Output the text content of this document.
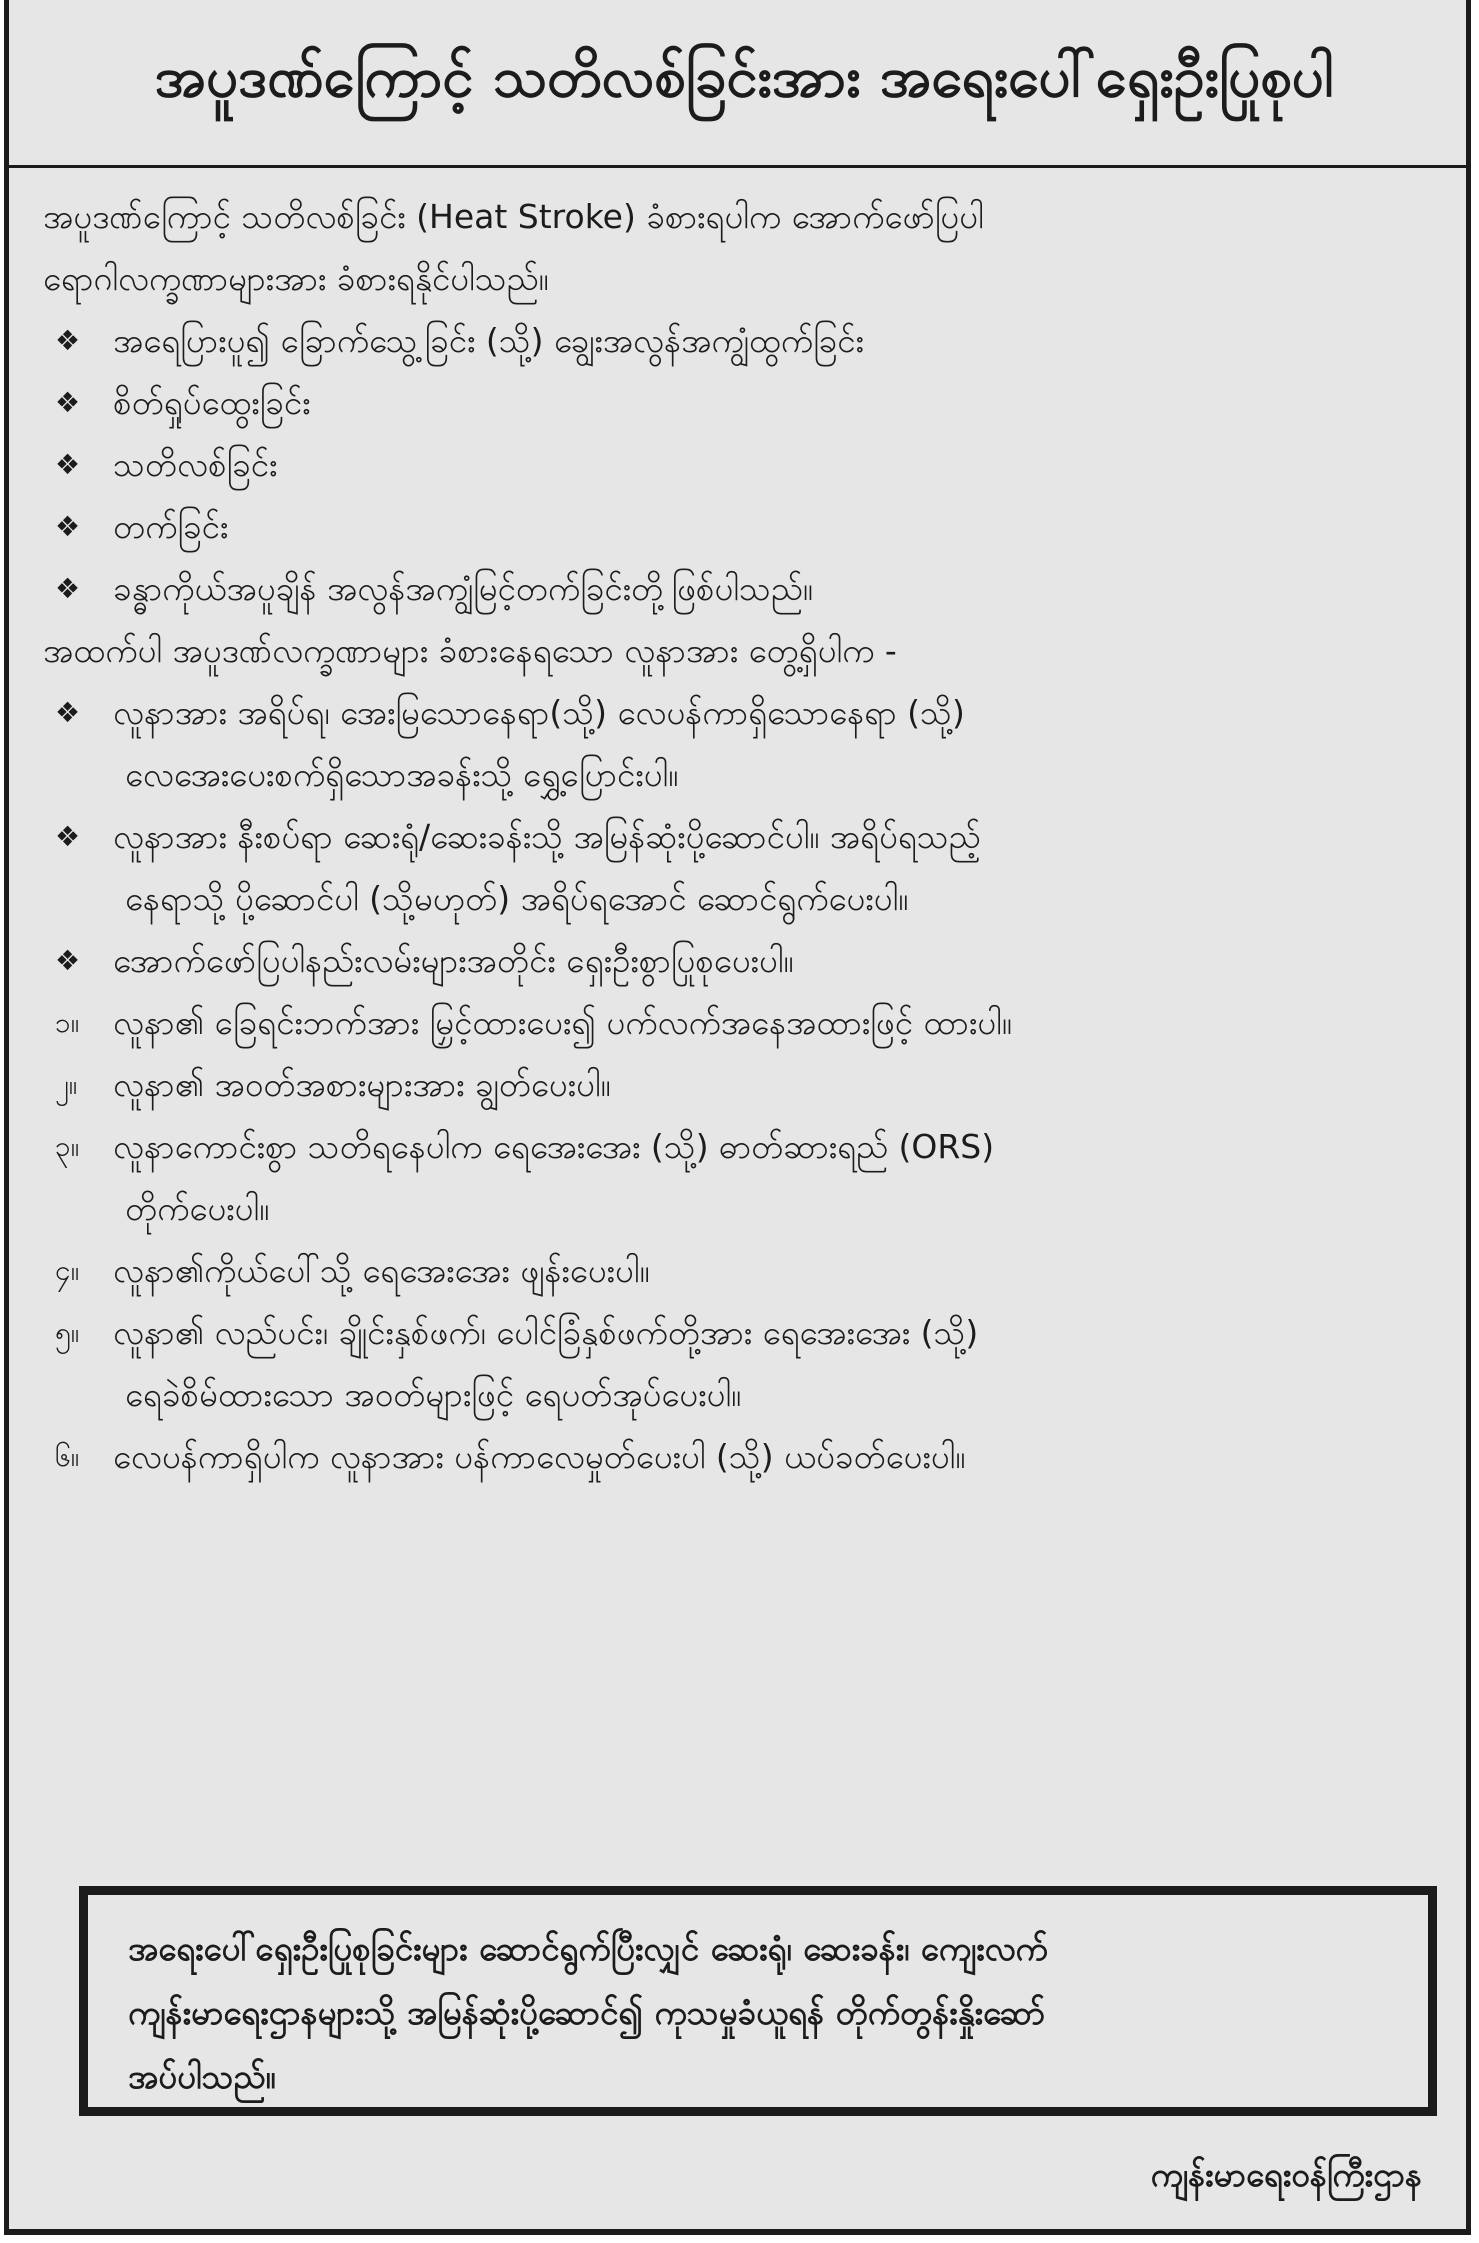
အပူဒဏ်ကြောင့် သတိလစ်ခြင်းအား အရေးပေါ်ရှေးဦးပြုစုပါ
အပူဒဏ်ကြောင့် သတိလစ်ခြင်း (Heat Stroke) ခံစားရပါက အောက်ဖော်ပြပါ
ရောဂါလက္ခဏာများအား ခံစားရနိုင်ပါသည်။
❖ အရေပြားပူ၍ ခြောက်သွေ့ခြင်း (သို့) ချွေးအလွန်အကျွံထွက်ခြင်း
❖ စိတ်ရှုပ်ထွေးခြင်း
❖ သတိလစ်ခြင်း
❖ တက်ခြင်း
❖ ခန္ဓာကိုယ်အပူချိန် အလွန်အကျွံမြင့်တက်ခြင်းတို့ဖြစ်ပါသည်။
အထက်ပါ အပူဒဏ်လက္ခဏာများ ခံစားနေရသော လူနာအား တွေ့ရှိပါက -
❖ လူနာအား အရိပ်ရ၊ အေးမြသောနေရာ(သို့) လေပန်ကာရှိသောနေရာ (သို့)
လေအေးပေးစက်ရှိသောအခန်းသို့ ရွှေ့ပြောင်းပါ။
❖ လူနာအား နီးစပ်ရာ ဆေးရုံ/ဆေးခန်းသို့ အမြန်ဆုံးပို့ဆောင်ပါ။ အရိပ်ရသည့်
နေရာသို့ ပို့ဆောင်ပါ (သို့မဟုတ်) အရိပ်ရအောင် ဆောင်ရွက်ပေးပါ။
❖ အောက်ဖော်ပြပါနည်းလမ်းများအတိုင်း ရှေးဦးစွာပြုစုပေးပါ။
၁။	လူနာ၏ ခြေရင်းဘက်အား မြှင့်ထားပေး၍ ပက်လက်အနေအထားဖြင့် ထားပါ။
၂။	လူနာ၏ အဝတ်အစားများအား ချွတ်ပေးပါ။
၃။	လူနာကောင်းစွာ သတိရနေပါက ရေအေးအေး (သို့) ဓာတ်ဆားရည် (ORS)
တိုက်ပေးပါ။
၄။	လူနာ၏ကိုယ်ပေါ်သို့ ရေအေးအေး ဖျန်းပေးပါ။
၅။	လူနာ၏ လည်ပင်း၊ ချိုင်းနှစ်ဖက်၊ ပေါင်ခြံနှစ်ဖက်တို့အား ရေအေးအေး (သို့)
ရေခဲစိမ်ထားသော အဝတ်များဖြင့် ရေပတ်အုပ်ပေးပါ။
၆။	လေပန်ကာရှိပါက လူနာအား ပန်ကာလေမှုတ်ပေးပါ (သို့) ယပ်ခတ်ပေးပါ။
အရေးပေါ်ရှေးဦးပြုစုခြင်းများ ဆောင်ရွက်ပြီးလျှင် ဆေးရုံ၊ ဆေးခန်း၊ ကျေးလက်
ကျန်းမာရေးဌာနများသို့ အမြန်ဆုံးပို့ဆောင်၍ ကုသမှုခံယူရန် တိုက်တွန်းနှိုးဆော်
အပ်ပါသည်။
ကျန်းမာရေးဝန်ကြီးဌာန
